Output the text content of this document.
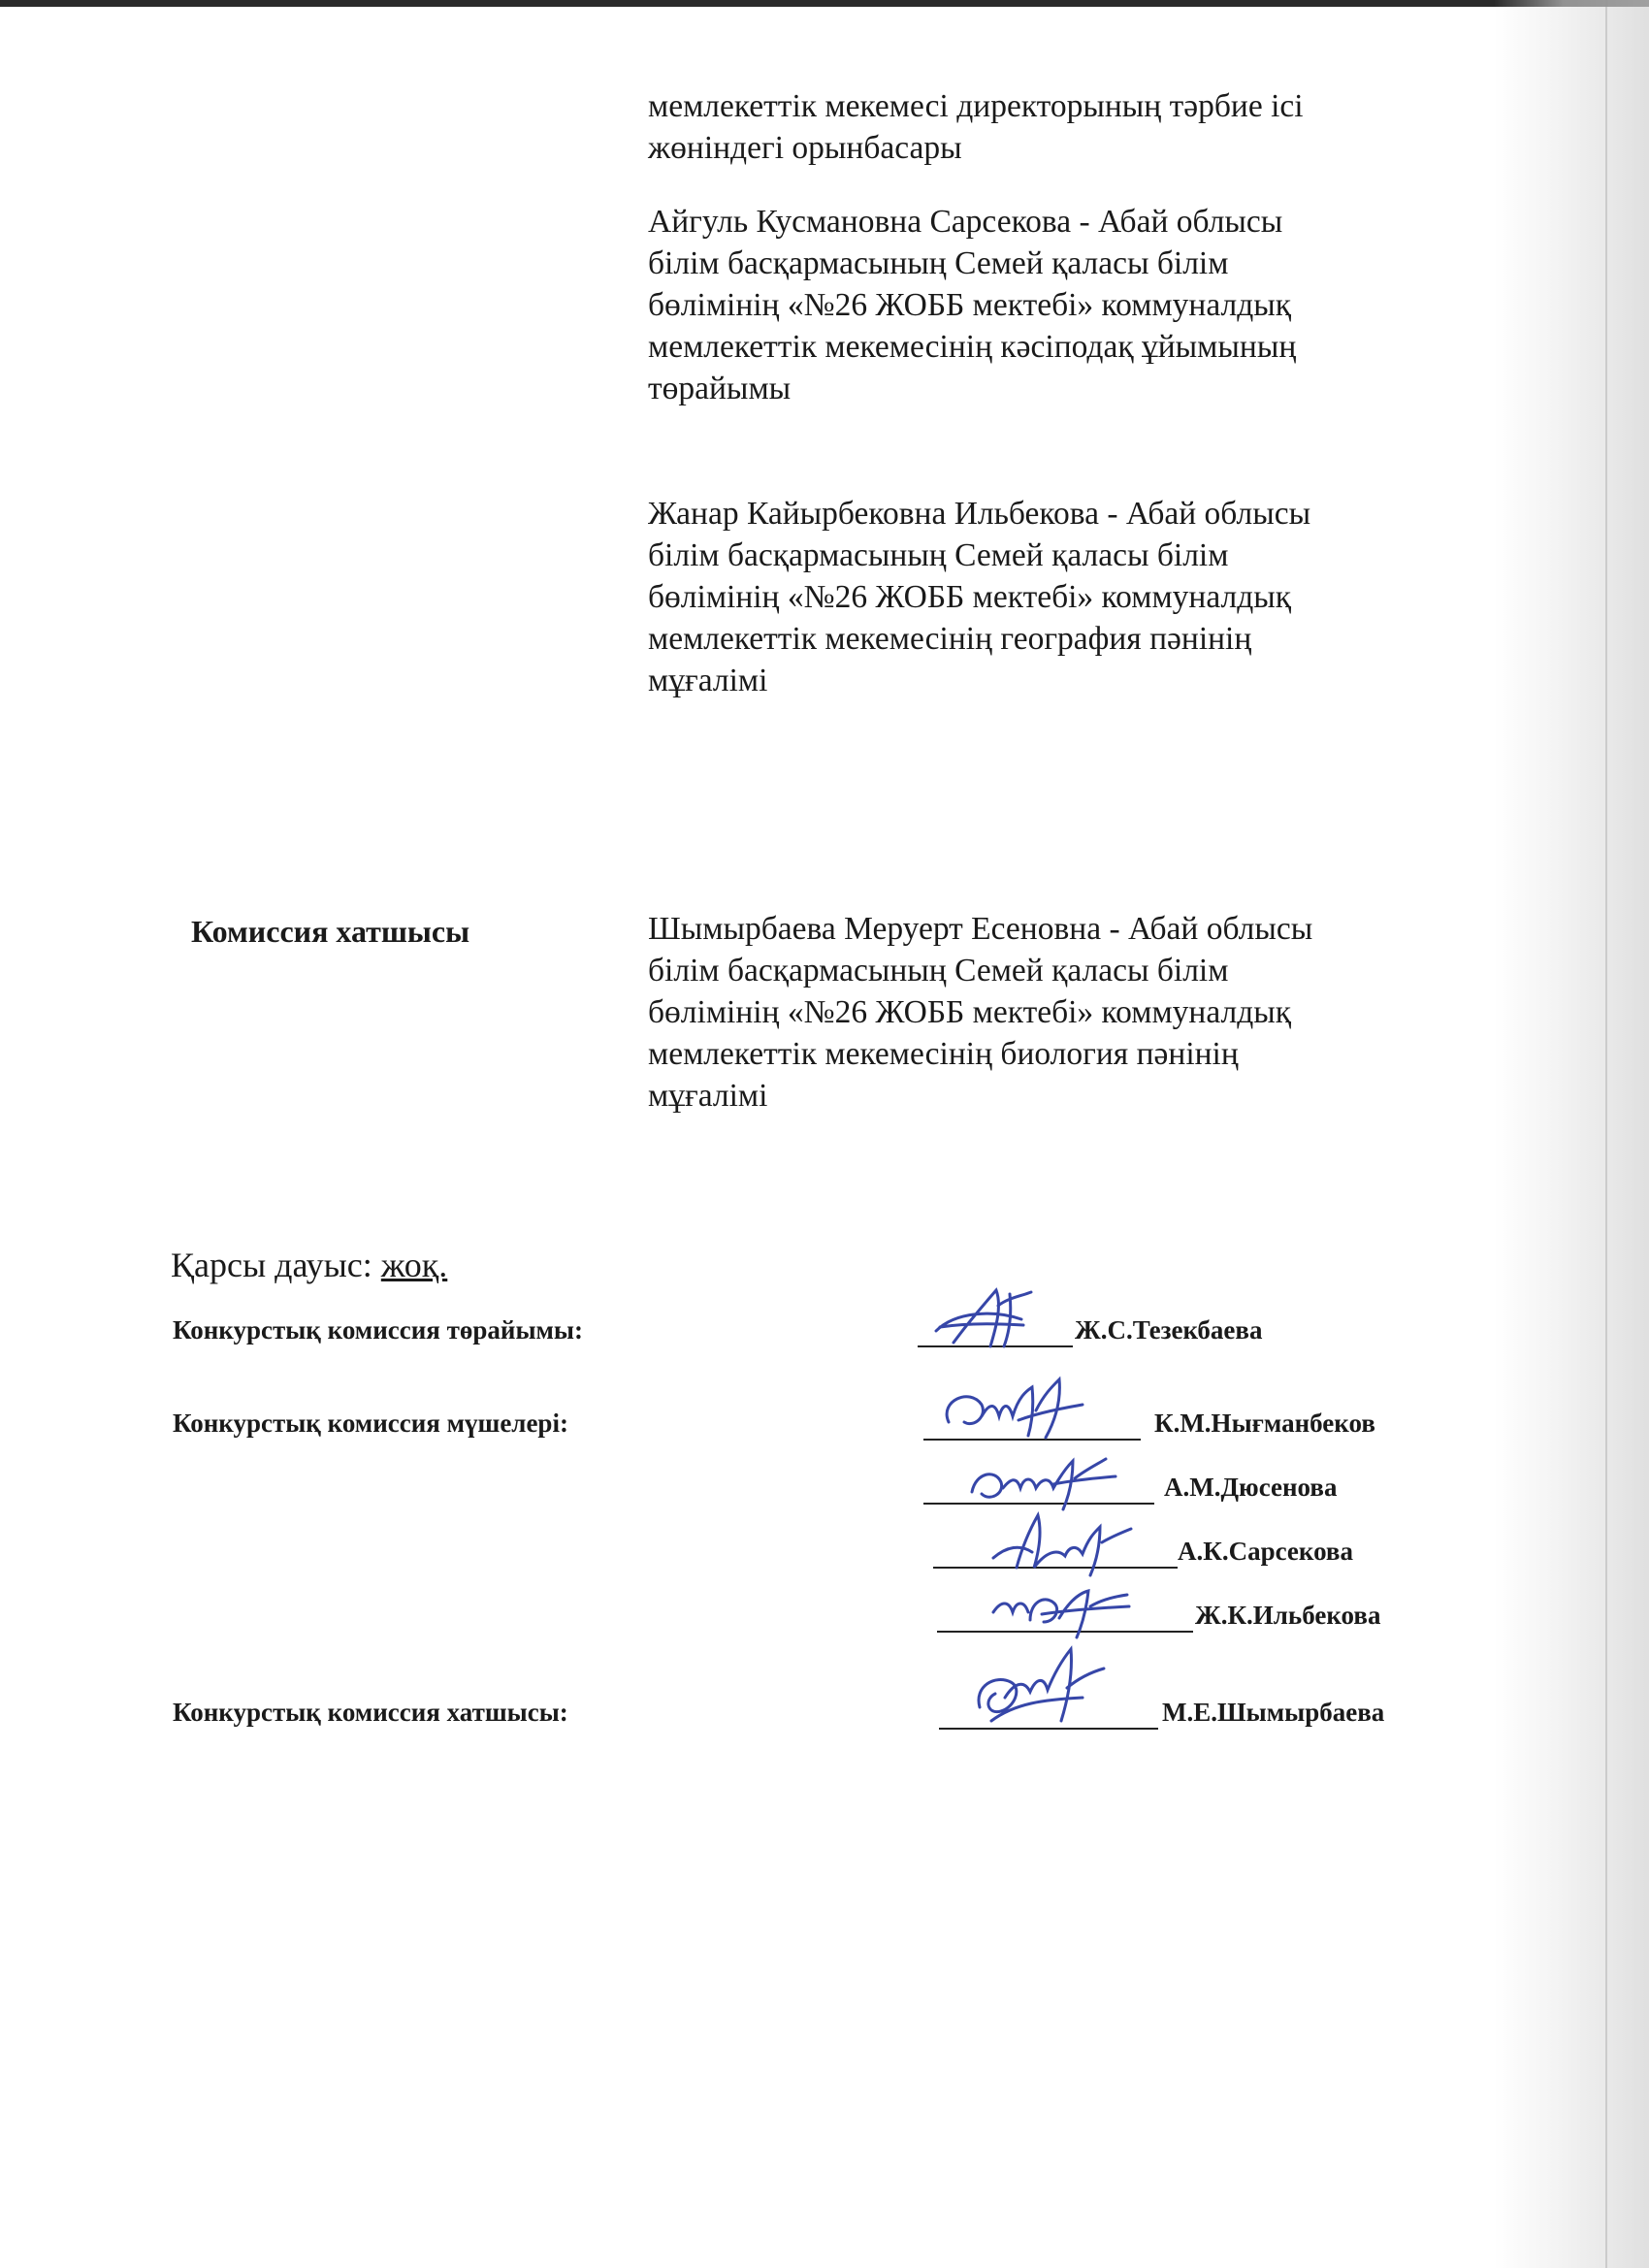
мемлекеттік мекемесі директорының тәрбие ісі
жөніндегі орынбасары

Айгуль Кусмановна Сарсекова - Абай облысы
білім басқармасының Семей қаласы білім
бөлімінің «№26 ЖОББ мектебі» коммуналдық
мемлекеттік мекемесінің кәсіподақ ұйымының
төрайымы

Жанар Кайырбековна Ильбекова - Абай облысы
білім басқармасының Семей қаласы білім
бөлімінің «№26 ЖОББ мектебі» коммуналдық
мемлекеттік мекемесінің география пәнінің
мұғалімі

Комиссия хатшысы	Шымырбаева Меруерт Есеновна - Абай облысы
білім басқармасының Семей қаласы білім
бөлімінің «№26 ЖОББ мектебі» коммуналдық
мемлекеттік мекемесінің биология пәнінің
мұғалімі

Қарсы дауыс: жоқ.
Конкурстық комиссия төрайымы:	Ж.С.Тезекбаева
Конкурстық комиссия мүшелері:	К.М.Нығманбеков
А.М.Дюсенова
А.К.Сарсекова
Ж.К.Ильбекова
Конкурстық комиссия хатшысы:	М.Е.Шымырбаева
